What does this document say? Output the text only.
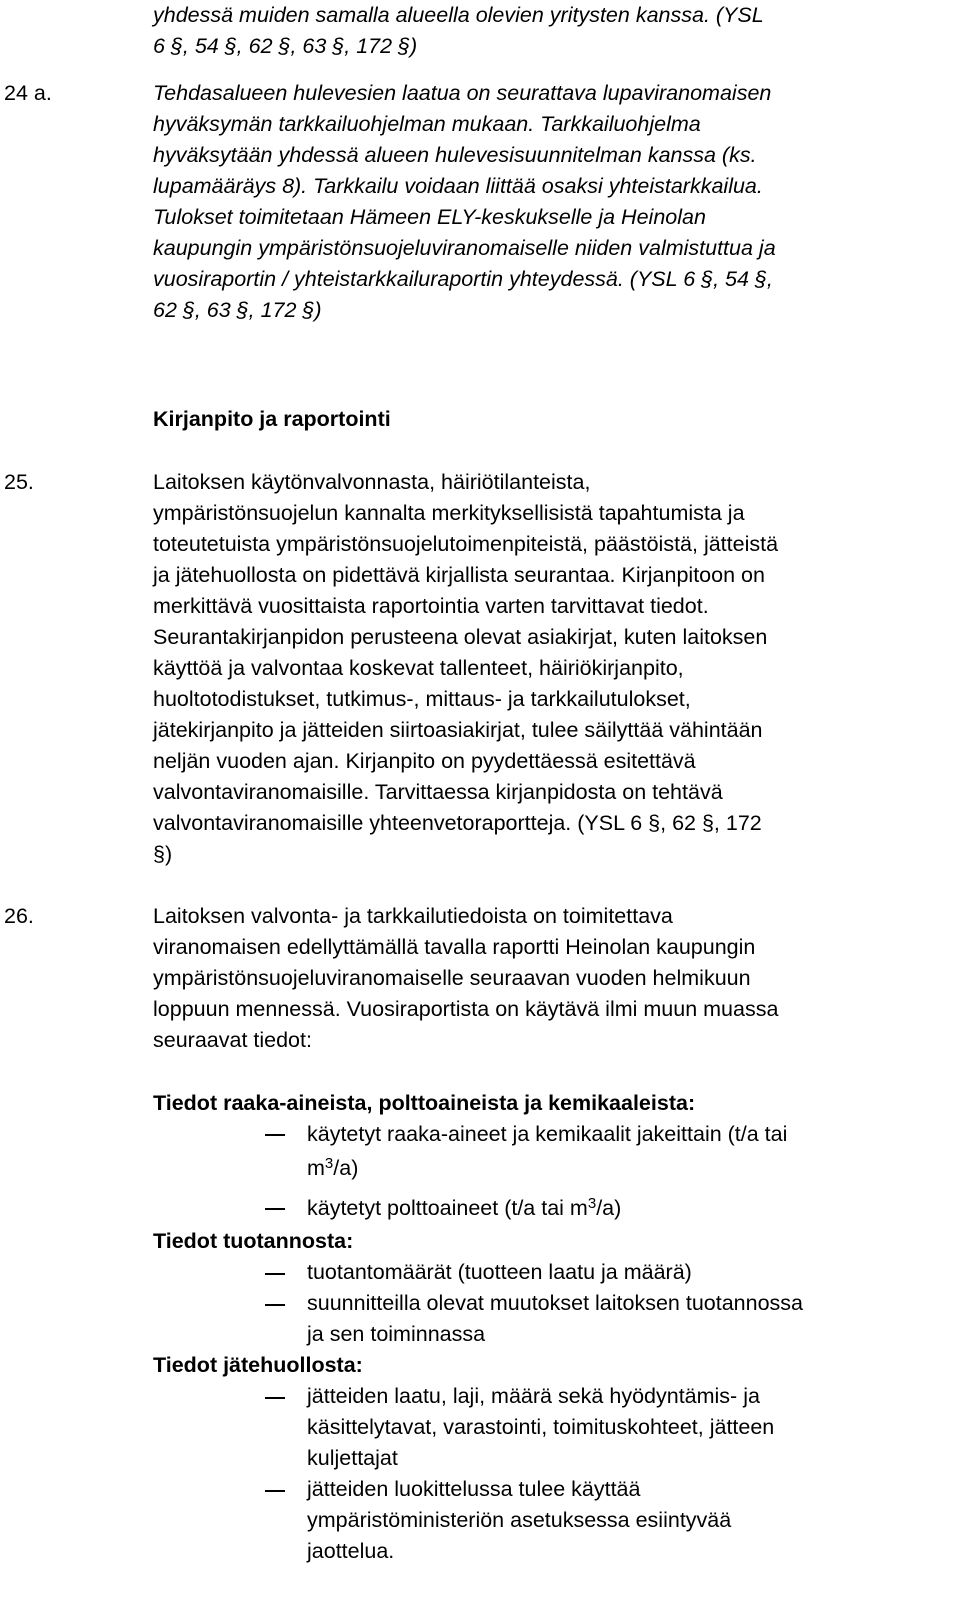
yhdessä muiden samalla alueella olevien yritysten kanssa. (YSL
6 §, 54 §, 62 §, 63 §, 172 §)
24 a.	Tehdasalueen hulevesien laatua on seurattava lupaviranomaisen
hyväksymän tarkkailuohjelman mukaan. Tarkkailuohjelma
hyväksytään yhdessä alueen hulevesisuunnitelman kanssa (ks.
lupamääräys 8). Tarkkailu voidaan liittää osaksi yhteistarkkailua.
Tulokset toimitetaan Hämeen ELY-keskukselle ja Heinolan
kaupungin ympäristönsuojeluviranomaiselle niiden valmistuttua ja
vuosiraportin / yhteistarkkailuraportin yhteydessä. (YSL 6 §, 54 §,
62 §, 63 §, 172 §)
Kirjanpito ja raportointi
25.	Laitoksen käytönvalvonnasta, häiriötilanteista,
ympäristönsuojelun kannalta merkityksellisistä tapahtumista ja
toteutetuista ympäristönsuojelutoimenpiteistä, päästöistä, jätteistä
ja jätehuollosta on pidettävä kirjallista seurantaa. Kirjanpitoon on
merkittävä vuosittaista raportointia varten tarvittavat tiedot.
Seurantakirjanpidon perusteena olevat asiakirjat, kuten laitoksen
käyttöä ja valvontaa koskevat tallenteet, häiriökirjanpito,
huoltotodistukset, tutkimus-, mittaus- ja tarkkailutulokset,
jätekirjanpito ja jätteiden siirtoasiakirjat, tulee säilyttää vähintään
neljän vuoden ajan. Kirjanpito on pyydettäessä esitettävä
valvontaviranomaisille. Tarvittaessa kirjanpidosta on tehtävä
valvontaviranomaisille yhteenvetoraportteja. (YSL 6 §, 62 §, 172
§)
26.	Laitoksen valvonta- ja tarkkailutiedoista on toimitettava
viranomaisen edellyttämällä tavalla raportti Heinolan kaupungin
ympäristönsuojeluviranomaiselle seuraavan vuoden helmikuun
loppuun mennessä. Vuosiraportista on käytävä ilmi muun muassa
seuraavat tiedot:
Tiedot raaka-aineista, polttoaineista ja kemikaaleista:
käytetyt raaka-aineet ja kemikaalit jakeittain (t/a tai
$m^3/a$)
käytetyt polttoaineet (t/a tai $m^3/a$)
Tiedot tuotannosta:
tuotantomäärät (tuotteen laatu ja määrä)
suunnitteilla olevat muutokset laitoksen tuotannossa
ja sen toiminnassa
Tiedot jätehuollosta:
jätteiden laatu, laji, määrä sekä hyödyntämis- ja
käsittelytavat, varastointi, toimituskohteet, jätteen
kuljettajat
jätteiden luokittelussa tulee käyttää
ympäristöministeriön asetuksessa esiintyvää
jaottelua.
